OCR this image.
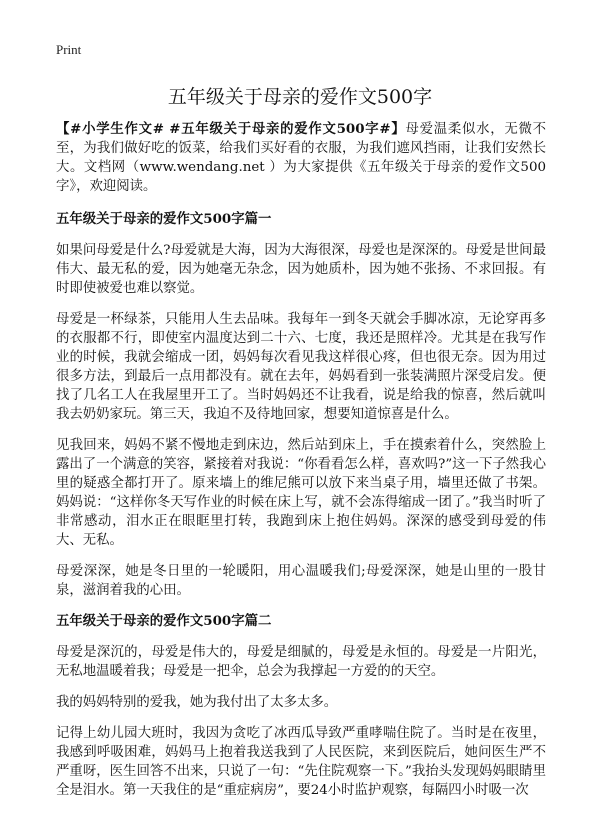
Print
五年级关于母亲的爱作文500字

【#小学生作文# #五年级关于母亲的爱作文500字#】母爱温柔似水，无微不至，为我们做好吃的饭菜，给我们买好看的衣服，为我们遮风挡雨，让我们安然长大。文档网（www.wendang.net ）为大家提供《五年级关于母亲的爱作文500字》，欢迎阅读。

五年级关于母亲的爱作文500字篇一

如果问母爱是什么?母爱就是大海，因为大海很深，母爱也是深深的。母爱是世间最伟大、最无私的爱，因为她毫无杂念，因为她质朴，因为她不张扬、不求回报。有时即使被爱也难以察觉。

母爱是一杯绿茶，只能用人生去品味。我每年一到冬天就会手脚冰凉，无论穿再多的衣服都不行，即使室内温度达到二十六、七度，我还是照样冷。尤其是在我写作业的时候，我就会缩成一团，妈妈每次看见我这样很心疼，但也很无奈。因为用过很多方法，到最后一点用都没有。就在去年，妈妈看到一张装满照片深受启发。便找了几名工人在我屋里开工了。当时妈妈还不让我看，说是给我的惊喜，然后就叫我去奶奶家玩。第三天，我迫不及待地回家，想要知道惊喜是什么。

见我回来，妈妈不紧不慢地走到床边，然后站到床上，手在摸索着什么，突然脸上露出了一个满意的笑容，紧接着对我说：“你看看怎么样，喜欢吗?”这一下子然我心里的疑惑全都打开了。原来墙上的维尼熊可以放下来当桌子用，墙里还做了书架。妈妈说：“这样你冬天写作业的时候在床上写，就不会冻得缩成一团了。”我当时听了非常感动，泪水正在眼眶里打转，我跑到床上抱住妈妈。深深的感受到母爱的伟大、无私。

母爱深深，她是冬日里的一轮暖阳，用心温暖我们;母爱深深，她是山里的一股甘泉，滋润着我的心田。

五年级关于母亲的爱作文500字篇二

母爱是深沉的，母爱是伟大的，母爱是细腻的，母爱是永恒的。母爱是一片阳光，无私地温暖着我；母爱是一把伞，总会为我撑起一方爱的的天空。

我的妈妈特别的爱我，她为我付出了太多太多。

记得上幼儿园大班时，我因为贪吃了冰西瓜导致严重哮喘住院了。当时是在夜里，我感到呼吸困难，妈妈马上抱着我送我到了人民医院，来到医院后，她问医生严不严重呀，医生回答不出来，只说了一句：“先住院观察一下。”我抬头发现妈妈眼睛里全是泪水。第一天我住的是“重症病房”，要24小时监护观察，每隔四小时吸一次
